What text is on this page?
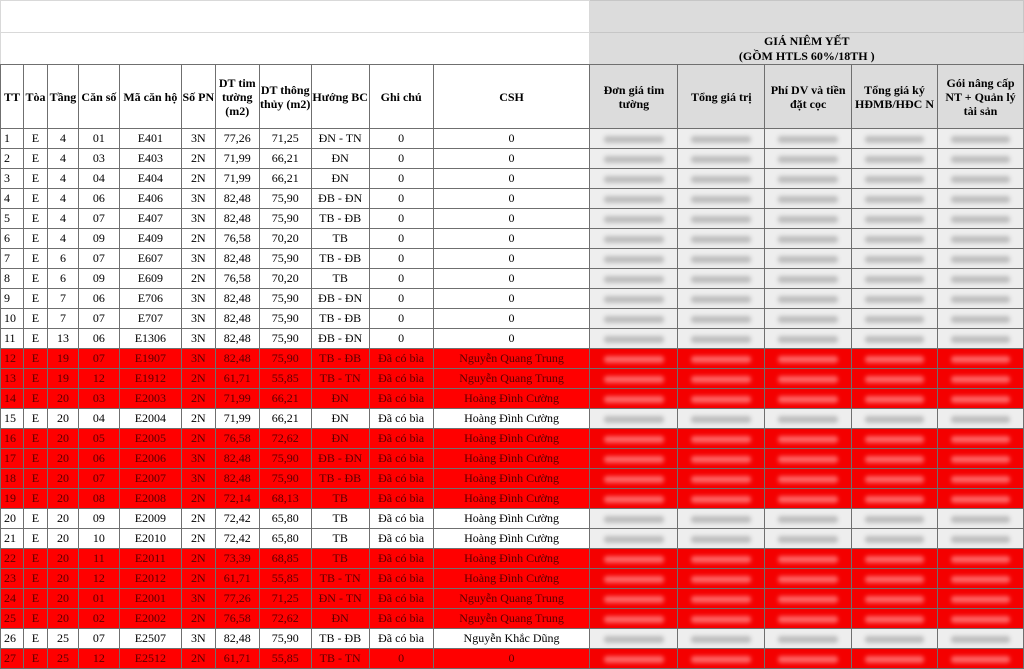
											GIÁ NIÊM YẾT
(GỒM HTLS 60%/18TH )				
TT	Tòa	Tầng	Căn số	Mã căn hộ	Số PN	DT tim tường (m2)	DT thông thủy (m2)	Hướng BC	Ghi chú	CSH	Đơn giá tim tường	Tổng giá trị	Phí DV và tiền đặt cọc	Tổng giá ký HĐMB/HĐC N	Gói nâng cấp NT + Quản lý tài sản
1	E	4	01	E401	3N	77,26	71,25	ĐN - TN	0	0					
2	E	4	03	E403	2N	71,99	66,21	ĐN	0	0					
3	E	4	04	E404	2N	71,99	66,21	ĐN	0	0					
4	E	4	06	E406	3N	82,48	75,90	ĐB - ĐN	0	0					
5	E	4	07	E407	3N	82,48	75,90	TB - ĐB	0	0					
6	E	4	09	E409	2N	76,58	70,20	TB	0	0					
7	E	6	07	E607	3N	82,48	75,90	TB - ĐB	0	0					
8	E	6	09	E609	2N	76,58	70,20	TB	0	0					
9	E	7	06	E706	3N	82,48	75,90	ĐB - ĐN	0	0					
10	E	7	07	E707	3N	82,48	75,90	TB - ĐB	0	0					
11	E	13	06	E1306	3N	82,48	75,90	ĐB - ĐN	0	0					
12	E	19	07	E1907	3N	82,48	75,90	TB - ĐB	Đã có bìa	Nguyễn Quang Trung					
13	E	19	12	E1912	2N	61,71	55,85	TB - TN	Đã có bìa	Nguyễn Quang Trung					
14	E	20	03	E2003	2N	71,99	66,21	ĐN	Đã có bìa	Hoàng Đình Cường					
15	E	20	04	E2004	2N	71,99	66,21	ĐN	Đã có bìa	Hoàng Đình Cường					
16	E	20	05	E2005	2N	76,58	72,62	ĐN	Đã có bìa	Hoàng Đình Cường					
17	E	20	06	E2006	3N	82,48	75,90	ĐB - ĐN	Đã có bìa	Hoàng Đình Cường					
18	E	20	07	E2007	3N	82,48	75,90	TB - ĐB	Đã có bìa	Hoàng Đình Cường					
19	E	20	08	E2008	2N	72,14	68,13	TB	Đã có bìa	Hoàng Đình Cường					
20	E	20	09	E2009	2N	72,42	65,80	TB	Đã có bìa	Hoàng Đình Cường					
21	E	20	10	E2010	2N	72,42	65,80	TB	Đã có bìa	Hoàng Đình Cường					
22	E	20	11	E2011	2N	73,39	68,85	TB	Đã có bìa	Hoàng Đình Cường					
23	E	20	12	E2012	2N	61,71	55,85	TB - TN	Đã có bìa	Hoàng Đình Cường					
24	E	20	01	E2001	3N	77,26	71,25	ĐN - TN	Đã có bìa	Nguyễn Quang Trung					
25	E	20	02	E2002	2N	76,58	72,62	ĐN	Đã có bìa	Nguyễn Quang Trung					
26	E	25	07	E2507	3N	82,48	75,90	TB - ĐB	Đã có bìa	Nguyễn Khắc Dũng					
27	E	25	12	E2512	2N	61,71	55,85	TB - TN	0	0					
